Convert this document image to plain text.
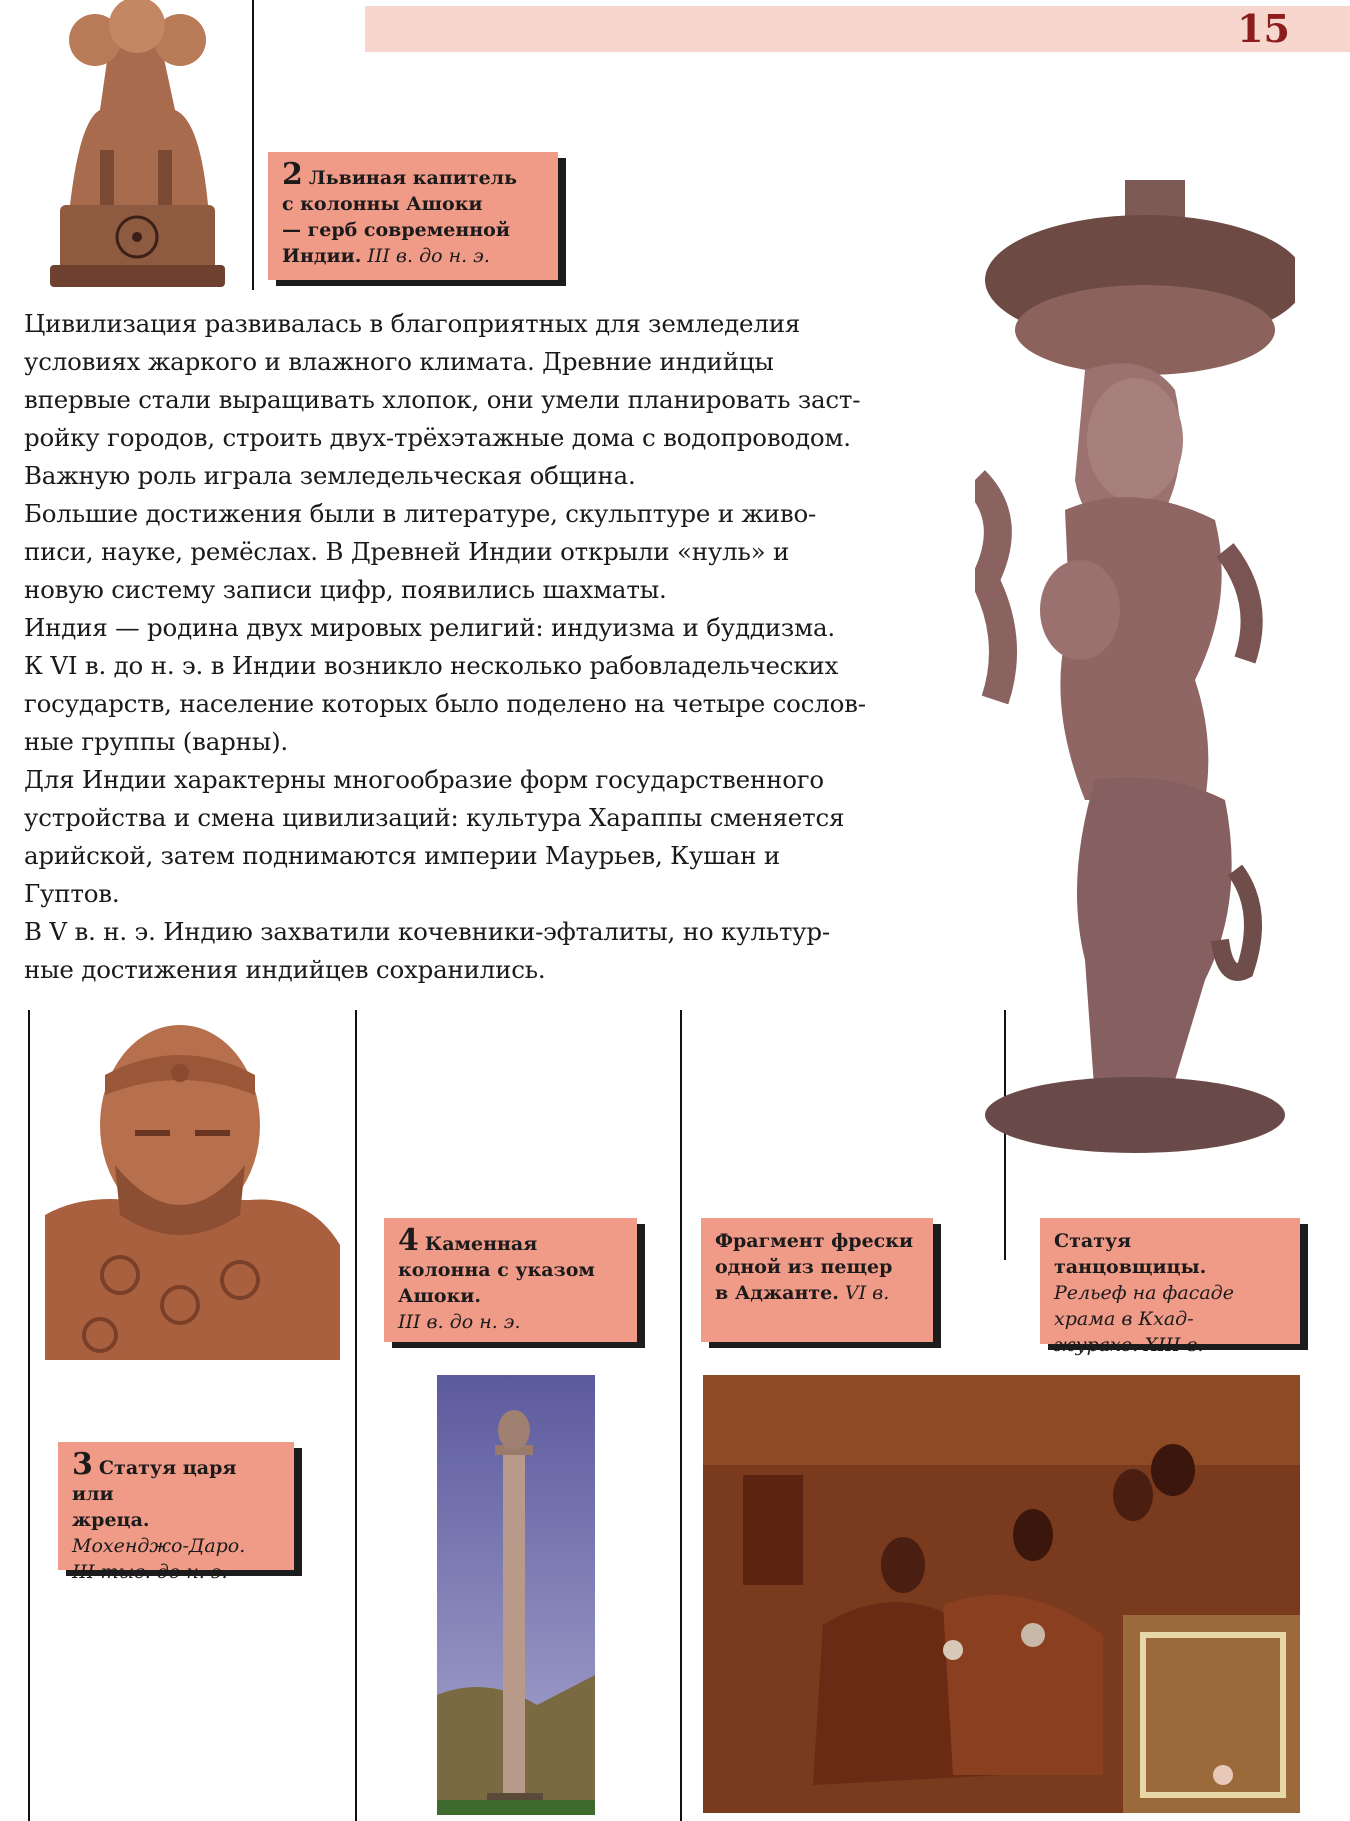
15
2 Львиная капитель
с колонны Ашоки
— герб современной
Индии. III в. до н. э.

Цивилизация развивалась в благоприятных для земледелия

условиях жаркого и влажного климата. Древние индийцы

впервые стали выращивать хлопок, они умели планировать заст-

ройку городов, строить двух-трёхэтажные дома с водопроводом.

Важную роль играла земледельческая община.

Большие достижения были в литературе, скульптуре и живо-

писи, науке, ремёслах. В Древней Индии открыли «нуль» и

новую систему записи цифр, появились шахматы.

Индия — родина двух мировых религий: индуизма и буддизма.

К VI в. до н. э. в Индии возникло несколько рабовладельческих

государств, население которых было поделено на четыре сослов-

ные группы (варны).

Для Индии характерны многообразие форм государственного

устройства и смена цивилизаций: культура Хараппы сменяется

арийской, затем поднимаются империи Маурьев, Кушан и

Гуптов.

В V в. н. э. Индию захватили кочевники-эфталиты, но культур-

ные достижения индийцев сохранились.

3 Статуя царя или
жреца.
Мохенджо-Даро.
III тыс. до н. э.
4 Каменная
колонна с указом
Ашоки.
III в. до н. э.
Фрагмент фрески
одной из пещер
в Аджанте. VI в.
Статуя танцовщицы.
Рельеф на фасаде
храма в Кхад-
журахо. XIII в.
